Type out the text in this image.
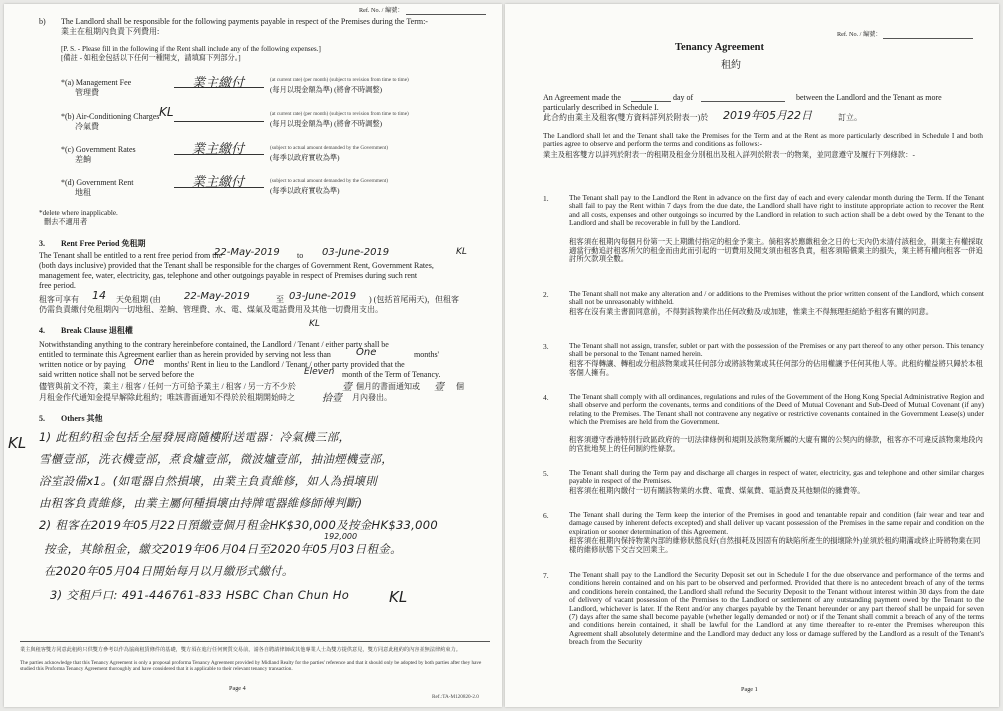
Ref. No. / 編號：

b) The Landlord shall be responsible for the following payments payable in respect of the Premises during the Term:-

業主在租期內負責下列費用:

[P. S. - Please fill in the following if the Rent shall include any of the following expenses.]

[備註 - 如租金包括以下任何一種開支，請填寫下列部分。]

*(a) Management Fee

管理費

業主繳付	(at current rate) (per month) (subject to revision from time to time)

(每月以現金額為準) (將會不時調整)

*(b) Air-Conditioning Charges

冷氣費

KL	(at current rate) (per month) (subject to revision from time to time)

(每月以現金額為準) (將會不時調整)

*(c) Government Rates

差餉

業主繳付	(subject to actual amount demanded by the Government)

(每季以政府實收為準)

*(d) Government Rent

地租

業主繳付	(subject to actual amount demanded by the Government)

(每季以政府實收為準)

*delete where inapplicable.

刪去不適用者

3. Rent Free Period 免租期

The Tenant shall be entitled to a rent free period from the

22-May-2019 to 03-June-2019	KL

(both days inclusive) provided that the Tenant shall be responsible for the charges of Government Rent, Government Rates,

management fee, water, electricity, gas, telephone and other outgoings payable in respect of Premises during such rent

free period.

租客可享有 14 天免租期 (由 22-May-2019	至 03-June-2019 ) (包括首尾兩天)，但租客

仍需負責繳付免租期內一切地租、差餉、管理費、水、電、煤氣及電話費用及其他一切費用支出。

4. Break Clause 退租權

KL

Notwithstanding anything to the contrary hereinbefore contained, the Landlord / Tenant / either party shall be

entitled to terminate this Agreement earlier than as herein provided by serving not less than	One	months'

written notice or by paying One months' Rent in lieu to the Landlord / Tenant / other party provided that the

said written notice shall not be served before the	Eleven month of the Term of Tenancy.

儘管與前文不符，業主 / 租客 / 任何一方可給予業主 / 租客 / 另一方不少於	壹 個月的書面通知或 壹 個

月租金作代通知金提早解除此租約；唯該書面通知不得於於租期開始時之	拾壹 月內發出。

5. Others 其他

KL 1) 此租約租金包括全屋發展商隨樓附送電器：冷氣機三部，

雪櫃壹部，洗衣機壹部，煮食爐壹部，微波爐壹部，抽油煙機壹部，

浴室設備x1。(如電器自然損壞，由業主負責維修，如人為損壞則

由租客負責維修，由業主屬何種損壞由持牌電器維修師傅判斷)

2) 租客在2019年05月22日預繳壹個月租金HK$30,000及按金HK$33,000

192,000

按金，其餘租金，繳交2019年06月04日至2020年05月03日租金。

在2020年05月04日開始每月以月繳形式繳付。

3) 交租戶口: 491-446761-833 HSBC Chan Chun Ho	KL

業主與租客雙方同意此租約只供雙方參考以作為協商租賃條件的基礎，雙方須在進行任何實質交易前，請各自聘請律師或其他專業人士為雙方提供意見，雙方同意此租約的內容並無法律約束力。

The parties acknowledge that this Tenancy Agreement is only a proposal proforma Tenancy Agreement provided by Midland Realty for the parties' reference and that it should only be adopted by both parties after they have studied this Proforma Tenancy Agreement thoroughly and have considered that it is applicable to their relevant tenancy transaction.

Page 4

Ref.:TA-M120820-2.0

Ref. No. / 編號：

Tenancy Agreement

租約

An Agreement made the	day of	between the Landlord and the Tenant as more

particularly described in Schedule I.

此合約由業主及租客(雙方資料詳列於附表一)於 2019年05月22日	訂立。

The Landlord shall let and the Tenant shall take the Premises for the Term and at the Rent as more particularly described in Schedule I and both parties agree to observe and perform the terms and conditions as follows:-

業主及租客雙方以詳列於附表一的租期及租金分別租出及租入詳列於附表一的物業，並同意遵守及履行下列條款：-

1.	The Tenant shall pay to the Landlord the Rent in advance on the first day of each and every calendar month during the Term. If the Tenant shall fail to pay the Rent within 7 days from the due date, the Landlord shall have right to institute appropriate action to recover the Rent and all costs, expenses and other outgoings so incurred by the Landlord in relation to such action shall be a debt owed by the Tenant to the Landlord and shall be recoverable in full by the Landlord.

租客須在租期內每個月份第一天上期繳付指定的租金予業主。倘租客於應繳租金之日的七天內仍未清付該租金，則業主有權採取適當行動追討租客所欠的租金而由此而引起的一切費用及開支須由租客負責，租客須賠償業主的損失，業主將有權向租客一併追討所欠款項全數。

2.	The Tenant shall not make any alteration and / or additions to the Premises without the prior written consent of the Landlord, which consent shall not be unreasonably withheld.

租客在沒有業主書面同意前，不得對該物業作出任何改動及/或加建，惟業主不得無理拒絕給予租客有關的同意。

3.	The Tenant shall not assign, transfer, sublet or part with the possession of the Premises or any part thereof to any other person. This tenancy shall be personal to the Tenant named herein.

租客不得轉讓、轉租或分租該物業或其任何部分或將該物業或其任何部分的佔用權讓予任何其他人等。此租約權益將只歸於本租客個人擁有。

4.	The Tenant shall comply with all ordinances, regulations and rules of the Government of the Hong Kong Special Administrative Region and shall observe and perform the covenants, terms and conditions of the Deed of Mutual Covenant and Sub-Deed of Mutual Covenant (if any) relating to the Premises. The Tenant shall not contravene any negative or restrictive covenants contained in the Government Lease(s) under which the Premises are held from the Government.

租客須遵守香港特別行政區政府的一切法律條例和規則及該物業所屬的大廈有關的公契內的條款，租客亦不可違反該物業地段內的官批地契上的任何制約性條款。

5.	The Tenant shall during the Term pay and discharge all charges in respect of water, electricity, gas and telephone and other similar charges payable in respect of the Premises.

租客須在租期內繳付一切有關該物業的水費、電費、煤氣費、電話費及其他類似的雜費等。

6.	The Tenant shall during the Term keep the interior of the Premises in good and tenantable repair and condition (fair wear and tear and damage caused by inherent defects excepted) and shall deliver up vacant possession of the Premises in the same repair and condition on the expiration or sooner determination of this Agreement.

租客須在租期內保持物業內部的維修狀態良好(自然損耗及因固有的缺陷所產生的損壞除外)並須於租約期滿或終止時將物業在同樣的維修狀態下交吉交回業主。

7.	The Tenant shall pay to the Landlord the Security Deposit set out in Schedule I for the due observance and performance of the terms and conditions herein contained and on his part to be observed and performed. Provided that there is no antecedent breach of any of the terms and conditions herein contained, the Landlord shall refund the Security Deposit to the Tenant without interest within 30 days from the date of delivery of vacant possession of the Premises to the Landlord or settlement of any outstanding payment owed by the Tenant to the Landlord, whichever is later. If the Rent and/or any charges payable by the Tenant hereunder or any part thereof shall be unpaid for seven (7) days after the same shall become payable (whether legally demanded or not) or if the Tenant shall commit a breach of any of the terms and conditions herein contained, it shall be lawful for the Landlord at any time thereafter to re-enter the Premises whereupon this Agreement shall absolutely determine and the Landlord may deduct any loss or damage suffered by the Landlord as a result of the Tenant's breach from the Security

Page 1
